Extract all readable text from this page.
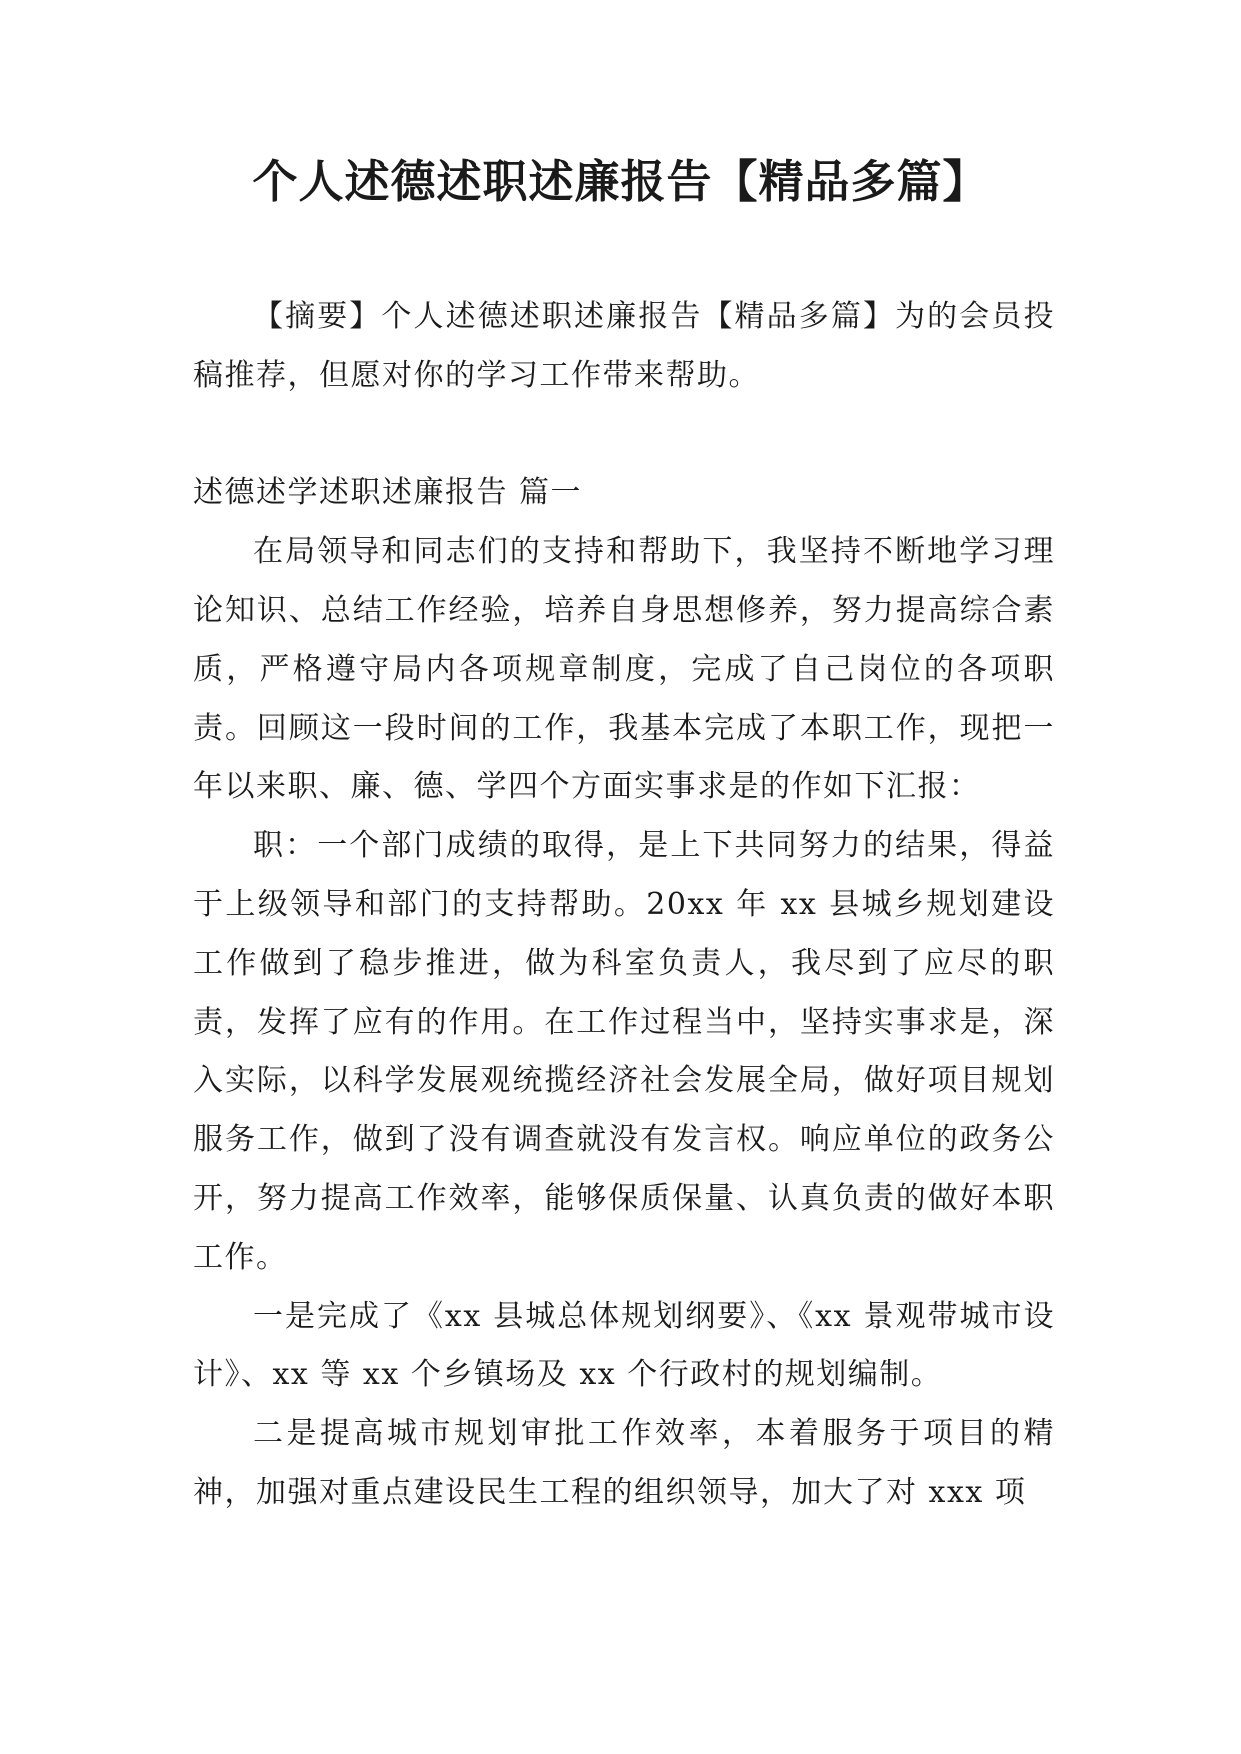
个人述德述职述廉报告【精品多篇】

【摘要】个人述德述职述廉报告【精品多篇】为的会员投稿推荐，但愿对你的学习工作带来帮助。

述德述学述职述廉报告 篇一

在局领导和同志们的支持和帮助下，我坚持不断地学习理论知识、总结工作经验，培养自身思想修养，努力提高综合素质，严格遵守局内各项规章制度，完成了自己岗位的各项职责。回顾这一段时间的工作，我基本完成了本职工作，现把一年以来职、廉、德、学四个方面实事求是的作如下汇报：

职：一个部门成绩的取得，是上下共同努力的结果，得益于上级领导和部门的支持帮助。20xx 年 xx 县城乡规划建设工作做到了稳步推进，做为科室负责人，我尽到了应尽的职责，发挥了应有的作用。在工作过程当中，坚持实事求是，深入实际，以科学发展观统揽经济社会发展全局，做好项目规划服务工作，做到了没有调查就没有发言权。响应单位的政务公开，努力提高工作效率，能够保质保量、认真负责的做好本职工作。

一是完成了《xx 县城总体规划纲要》、《xx 景观带城市设计》、xx 等 xx 个乡镇场及 xx 个行政村的规划编制。

二是提高城市规划审批工作效率，本着服务于项目的精神，加强对重点建设民生工程的组织领导，加大了对 xxx 项
